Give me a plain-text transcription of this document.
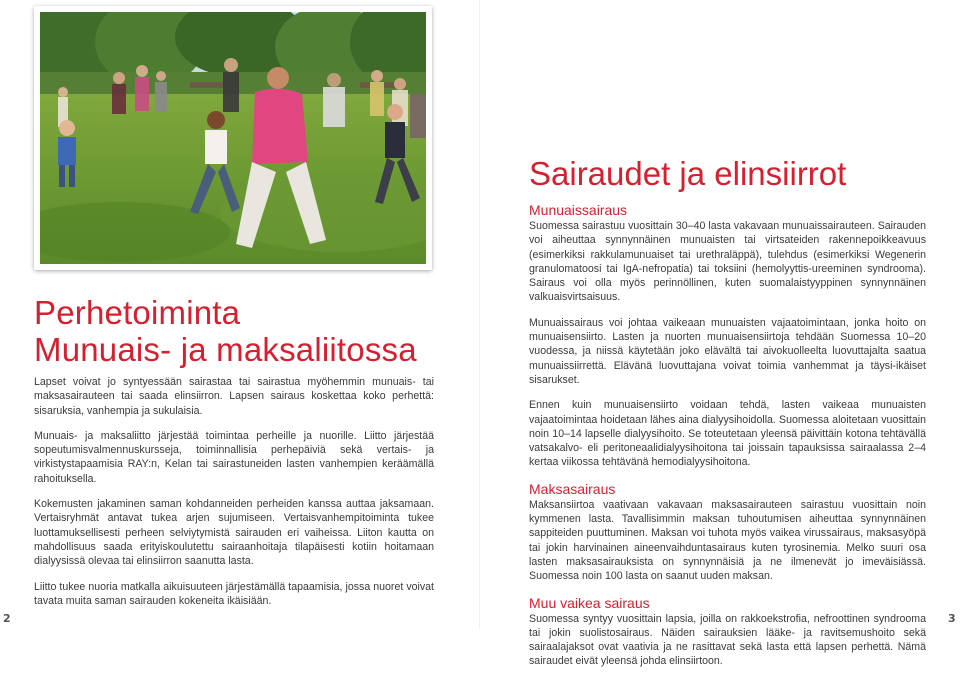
Perhetoiminta
Munuais- ja maksaliitossa

Lapset voivat jo syntyessään sairastaa tai sairastua myöhemmin munuais- tai maksasairauteen tai saada elinsiirron. Lapsen sairaus koskettaa koko perhettä: sisaruksia, vanhempia ja sukulaisia.

Munuais- ja maksaliitto järjestää toimintaa perheille ja nuorille. Liitto järjestää sopeutumisvalmennuskursseja, toiminnallisia perhepäiviä sekä vertais- ja virkistystapaamisia RAY:n, Kelan tai sairastuneiden lasten vanhempien keräämällä rahoituksella.

Kokemusten jakaminen saman kohdanneiden perheiden kanssa auttaa jaksamaan. Vertaisryhmät antavat tukea arjen sujumiseen. Vertaisvanhempitoiminta tukee luottamuksellisesti perheen selviytymistä sairauden eri vaiheissa. Liiton kautta on mahdollisuus saada erityiskoulutettu sairaanhoitaja tilapäisesti kotiin hoitamaan dialyysissä olevaa tai elinsiirron saanutta lasta.

Liitto tukee nuoria matkalla aikuisuuteen järjestämällä tapaamisia, jossa nuoret voivat tavata muita saman sairauden kokeneita ikäisiään.

2
Sairaudet ja elinsiirrot
Munuaissairaus

Suomessa sairastuu vuosittain 30–40 lasta vakavaan munuaissairauteen. Sairauden voi aiheuttaa synnynnäinen munuaisten tai virtsateiden rakennepoikkeavuus (esimerkiksi rakkulamunuaiset tai urethraläppä), tulehdus (esimerkiksi Wegenerin granulomatoosi tai IgA-nefropatia) tai toksiini (hemolyyttis-ureeminen syndrooma). Sairaus voi olla myös perinnöllinen, kuten suomalaistyyppinen synnynnäinen valkuaisvirtsaisuus.

Munuaissairaus voi johtaa vaikeaan munuaisten vajaatoimintaan, jonka hoito on munuaisensiirto. Lasten ja nuorten munuaisensiirtoja tehdään Suomessa 10–20 vuodessa, ja niissä käytetään joko elävältä tai aivokuolleelta luovuttajalta saatua munuaissiirrettä. Elävänä luovuttajana voivat toimia vanhemmat ja täysi-ikäiset sisarukset.

Ennen kuin munuaisensiirto voidaan tehdä, lasten vaikeaa munuaisten vajaatoimintaa hoidetaan lähes aina dialyysihoidolla. Suomessa aloitetaan vuosittain noin 10–14 lapselle dialyysihoito. Se toteutetaan yleensä päivittäin kotona tehtävällä vatsakalvo- eli peritoneaalidialyysihoitona tai joissain tapauksissa sairaalassa 2–4 kertaa viikossa tehtävänä hemodialyysihoitona.

Maksasairaus

Maksansiirtoa vaativaan vakavaan maksasairauteen sairastuu vuosittain noin kymmenen lasta. Tavallisimmin maksan tuhoutumisen aiheuttaa synnynnäinen sappiteiden puuttuminen. Maksan voi tuhota myös vaikea virussairaus, maksasyöpä tai jokin harvinainen aineenvaihduntasairaus kuten tyrosinemia. Melko suuri osa lasten maksasairauksista on synnynnäisiä ja ne ilmenevät jo imeväisiässä. Suomessa noin 100 lasta on saanut uuden maksan.

Muu vaikea sairaus

Suomessa syntyy vuosittain lapsia, joilla on rakkoekstrofia, nefroottinen syndrooma tai jokin suolistosairaus. Näiden sairauksien lääke- ja ravitsemushoito sekä sairaalajaksot ovat vaativia ja ne rasittavat sekä lasta että lapsen perhettä. Nämä sairaudet eivät yleensä johda elinsiirtoon.

3
